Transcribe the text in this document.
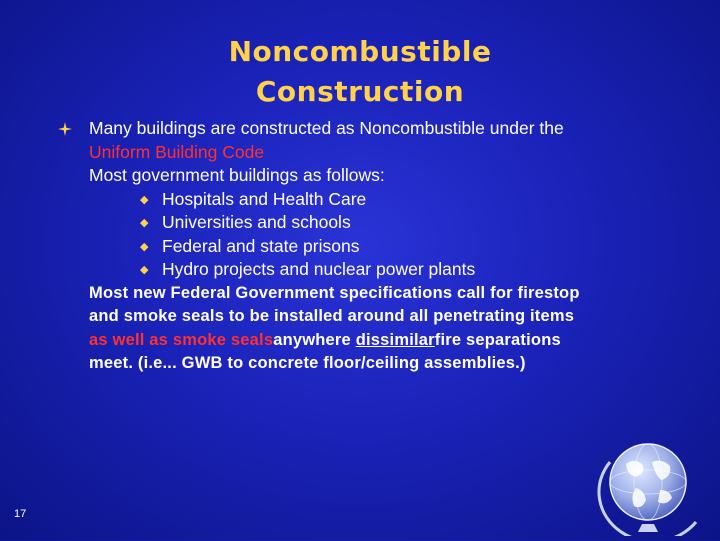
Noncombustible
Construction
Many buildings are constructed as Noncombustible under the
Uniform Building Code
Most government buildings as follows:
◆ Hospitals and Health Care
◆ Universities and schools
◆ Federal and state prisons
◆ Hydro projects and nuclear power plants
Most new Federal Government specifications call for firestop
and smoke seals to be installed around all penetrating items
as well as smoke sealsanywhere dissimilarfire separations
meet. (i.e... GWB to concrete floor/ceiling assemblies.)
17
